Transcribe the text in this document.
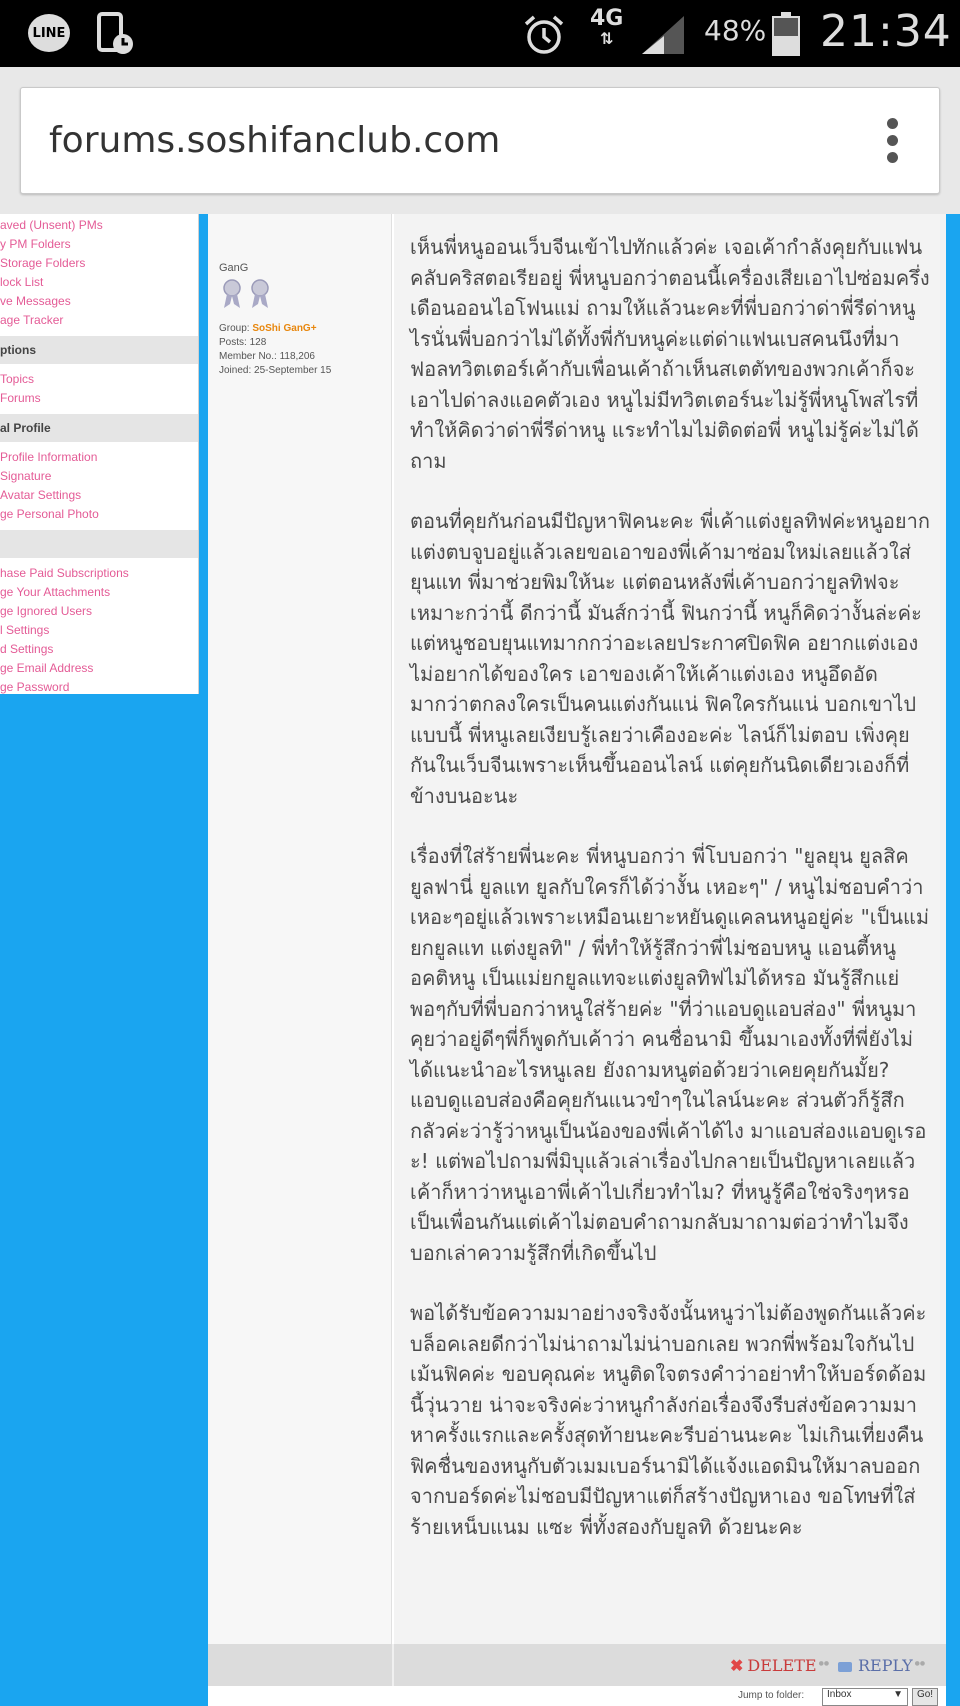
LINE
4G
⇅	48% 21:34
forums.soshifanclub.com
aved (Unsent) PMs
y PM Folders
Storage Folders
lock List
ve Messages
age Tracker
ptions
Topics
Forums
al Profile
Profile Information
Signature
Avatar Settings
ge Personal Photo
hase Paid Subscriptions
ge Your Attachments
ge Ignored Users
l Settings
d Settings
ge Email Address
ge Password
GanG
Group: SoShi GanG+
Posts: 128
Member No.: 118,206
Joined: 25-September 15

เห็นพี่หนูออนเว็บจีนเข้าไปทักแล้วค่ะ เจอเค้ากำลังคุยกับแฟนคลับคริสตอเรียอยู่ พี่หนูบอกว่าตอนนี้เครื่องเสียเอาไปซ่อมครึ่งเดือนออนไอโฟนแม่ ถามให้แล้วนะคะที่พี่บอกว่าด่าพี่รีด่าหนูไรนั่นพี่บอกว่าไม่ได้ทั้งพี่กับหนูค่ะแต่ด่าแฟนเบสคนนึงที่มาฟอลทวิตเตอร์เค้ากับเพื่อนเค้าถ้าเห็นสเตตัทของพวกเค้าก็จะเอาไปด่าลงแอคตัวเอง หนูไม่มีทวิตเตอร์นะไม่รู้พี่หนูโพสไรที่ทำให้คิดว่าด่าพี่รีด่าหนู แระทำไมไม่ติดต่อพี่ หนูไม่รู้ค่ะไม่ได้ถาม

ตอนที่คุยกันก่อนมีปัญหาฟิคนะคะ พี่เค้าแต่งยูลทิฟค่ะหนูอยากแต่งตบจูบอยู่แล้วเลยขอเอาของพี่เค้ามาซ่อมใหม่เลยแล้วใส่ยุนแท พี่มาช่วยพิมให้นะ แต่ตอนหลังพี่เค้าบอกว่ายูลทิฟจะเหมาะกว่านี้ ดีกว่านี้ มันส์กว่านี้ ฟินกว่านี้ หนูก็คิดว่างั้นล่ะค่ะแต่หนูชอบยุนแทมากกว่าอะเลยประกาศปิดฟิค อยากแต่งเองไม่อยากได้ของใคร เอาของเค้าให้เค้าแต่งเอง หนูอึดอัดมากว่าตกลงใครเป็นคนแต่งกันแน่ ฟิคใครกันแน่ บอกเขาไปแบบนี้ พี่หนูเลยเงียบรู้เลยว่าเคืองอะค่ะ ไลน์ก็ไม่ตอบ เพิ่งคุยกันในเว็บจีนเพราะเห็นขึ้นออนไลน์ แต่คุยกันนิดเดียวเองก็ที่ข้างบนอะนะ

เรื่องที่ใส่ร้ายพี่นะคะ พี่หนูบอกว่า พี่โบบอกว่า "ยูลยุน ยูลสิค ยูลฟานี่ ยูลแท ยูลกับใครก็ได้ว่างั้น เหอะๆ" / หนูไม่ชอบคำว่าเหอะๆอยู่แล้วเพราะเหมือนเยาะหยันดูแคลนหนูอยู่ค่ะ "เป็นแม่ยกยูลแท แต่งยูลทิ" / พี่ทำให้รู้สึกว่าพี่ไม่ชอบหนู แอนตี้หนู อคติหนู เป็นแม่ยกยูลแทจะแต่งยูลทิฟไม่ได้หรอ มันรู้สึกแย่พอๆกับที่พี่บอกว่าหนูใส่ร้ายค่ะ "ที่ว่าแอบดูแอบส่อง" พี่หนูมาคุยว่าอยู่ดีๆพี่ก็พูดกับเค้าว่า คนชื่อนามิ ขึ้นมาเองทั้งที่พี่ยังไม่ได้แนะนำอะไรหนูเลย ยังถามหนูต่อด้วยว่าเคยคุยกันมั้ย? แอบดูแอบส่องคือคุยกันแนวขำๆในไลน์นะคะ ส่วนตัวก็รู้สึกกลัวค่ะว่ารู้ว่าหนูเป็นน้องของพี่เค้าได้ไง มาแอบส่องแอบดูเรอะ! แต่พอไปถามพี่มิบุแล้วเล่าเรื่องไปกลายเป็นปัญหาเลยแล้วเค้าก็หาว่าหนูเอาพี่เค้าไปเกี่ยวทำไม? ที่หนูรู้คือใช่จริงๆหรอเป็นเพื่อนกันแต่เค้าไม่ตอบคำถามกลับมาถามต่อว่าทำไมจึงบอกเล่าความรู้สึกที่เกิดขึ้นไป

พอได้รับข้อความมาอย่างจริงจังนั้นหนูว่าไม่ต้องพูดกันแล้วค่ะบล็อคเลยดีกว่าไม่น่าถามไม่น่าบอกเลย พวกพี่พร้อมใจกันไปเม้นฟิคค่ะ ขอบคุณค่ะ หนูติดใจตรงคำว่าอย่าทำให้บอร์ดด้อมนี้วุ่นวาย น่าจะจริงค่ะว่าหนูกำลังก่อเรื่องจึงรีบส่งข้อความมาหาครั้งแรกและครั้งสุดท้ายนะคะรีบอ่านนะคะ ไม่เกินเที่ยงคืนฟิคชื่นของหนูกับตัวเมมเบอร์นามิได้แจ้งแอดมินให้มาลบออกจากบอร์ดค่ะไม่ชอบมีปัญหาแต่ก็สร้างปัญหาเอง ขอโทษที่ใส่ร้ายเหน็บแนม แซะ พี่ทั้งสองกับยูลทิ ด้วยนะคะ

✖ DELETE ●●	REPLY ●●
Jump to folder:	Inbox	▼	Go!
